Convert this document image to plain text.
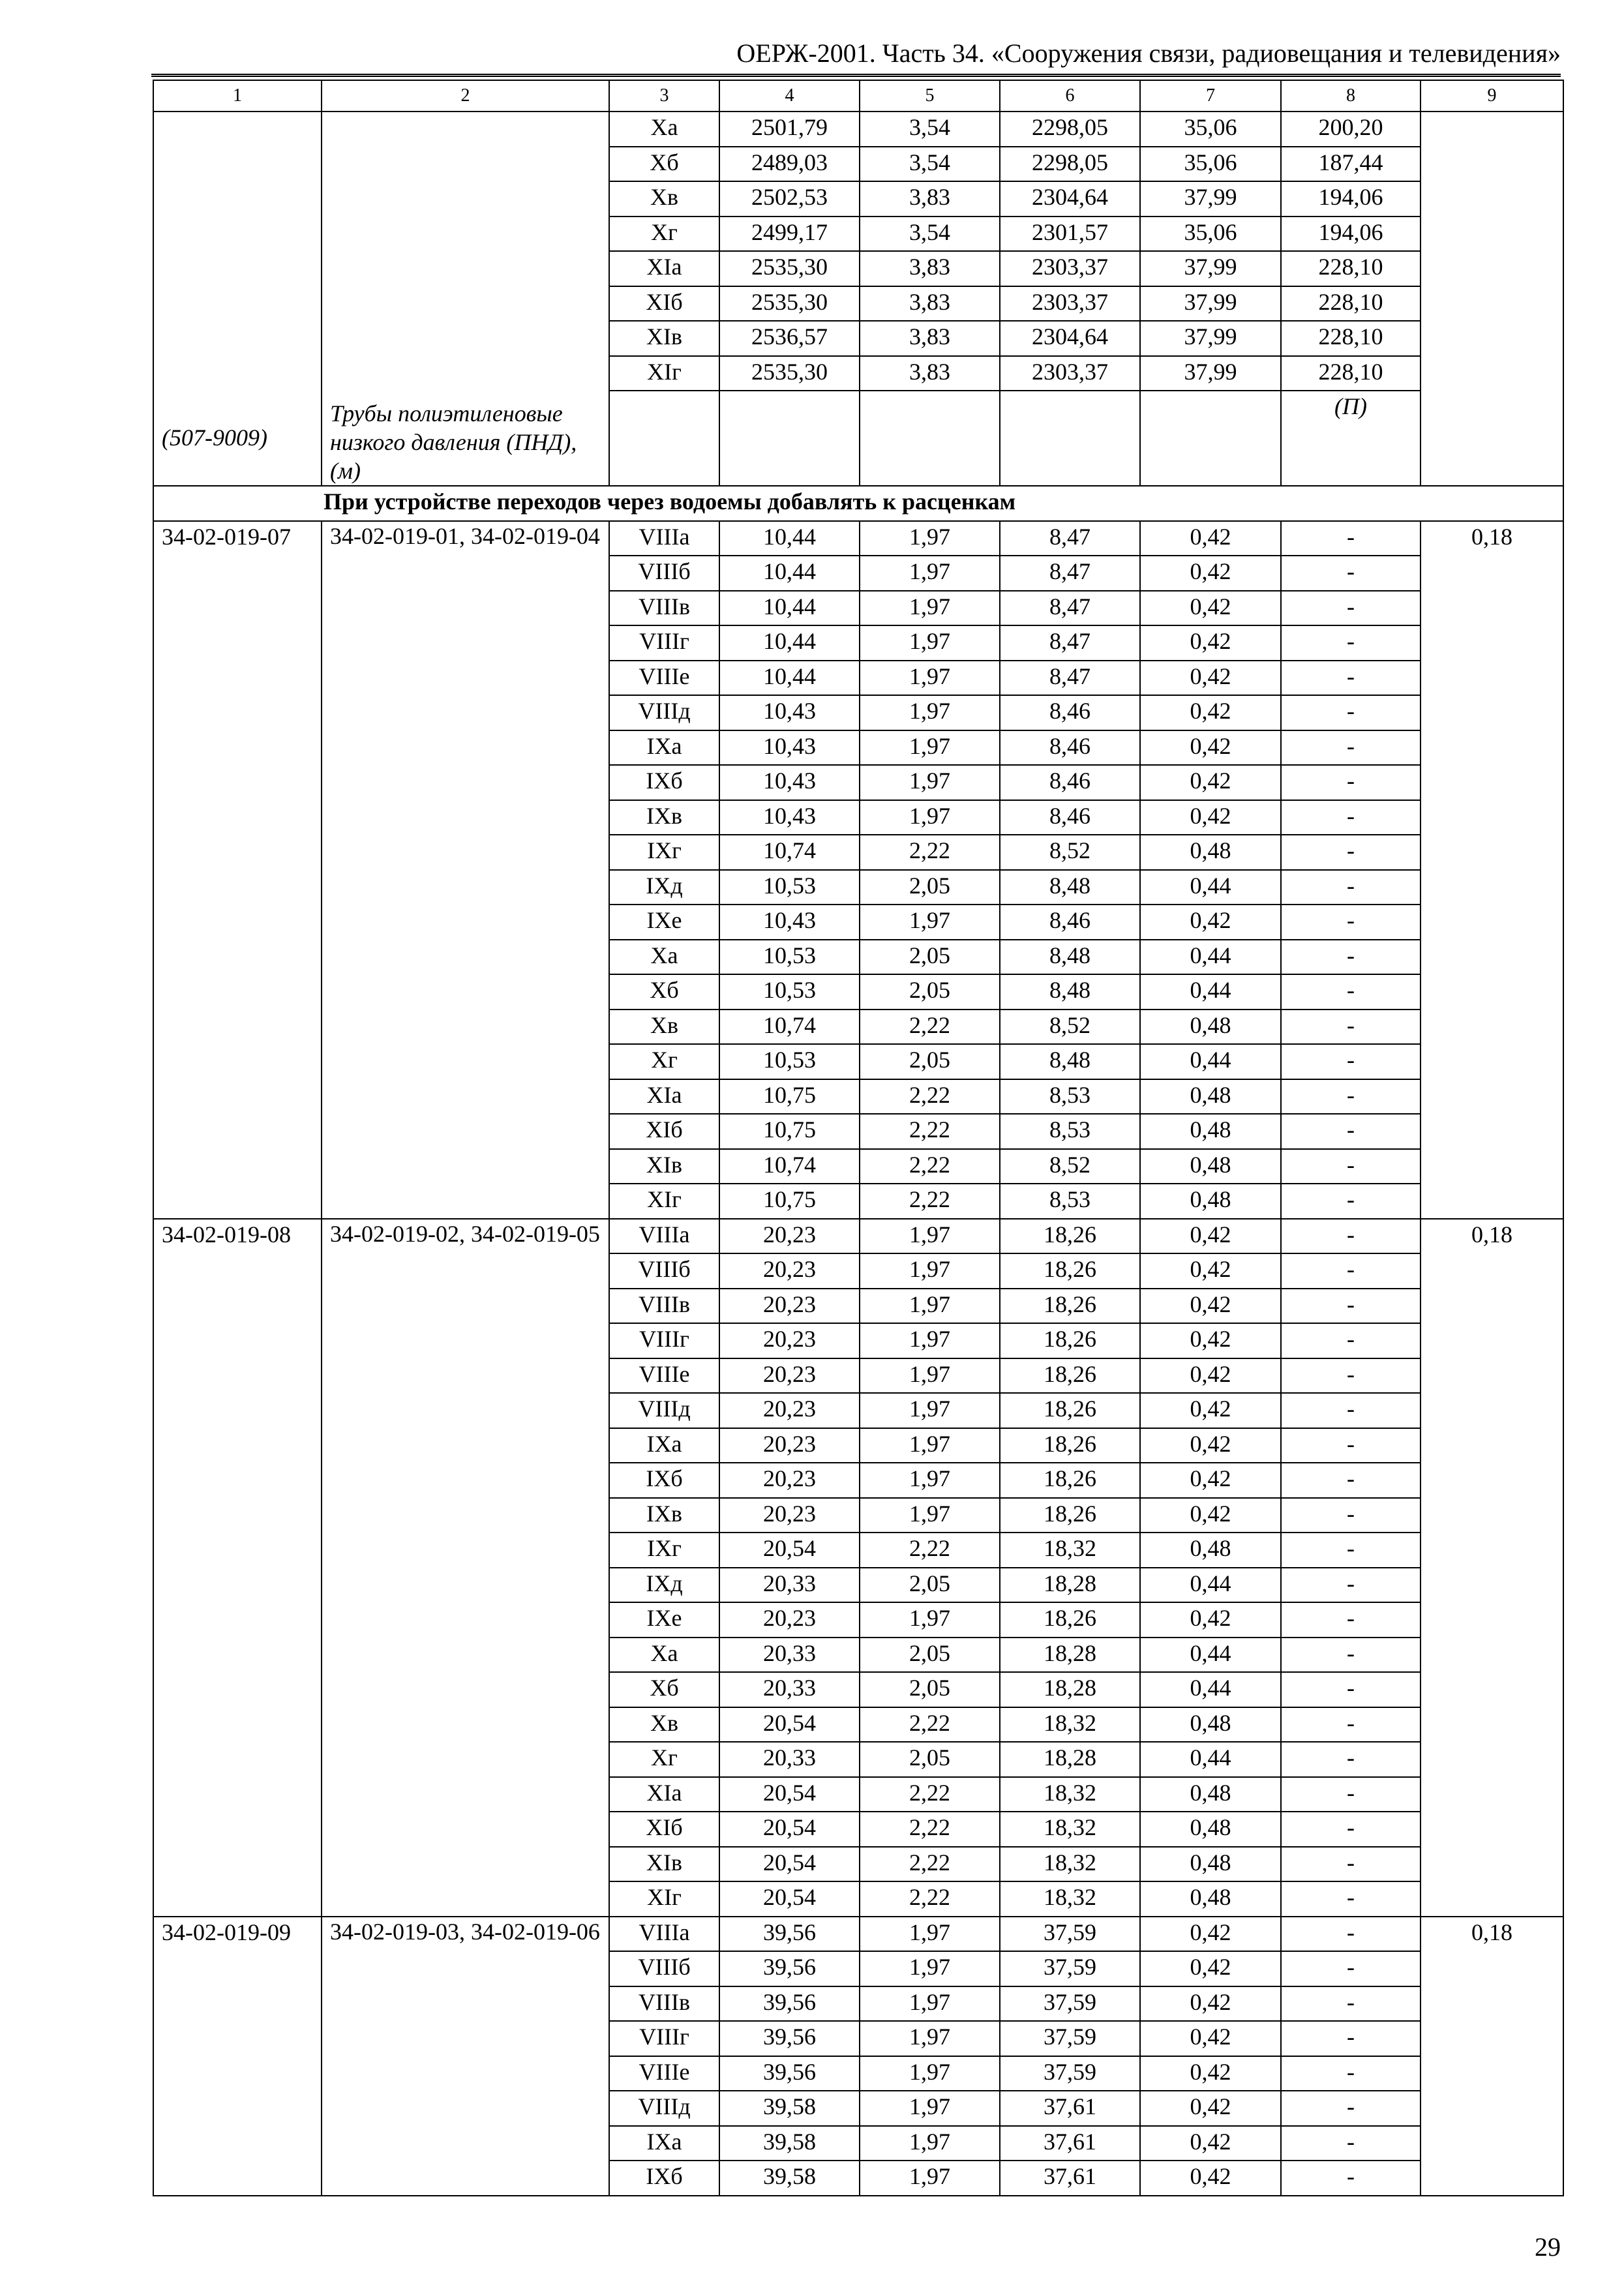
ОЕРЖ-2001. Часть 34. «Сооружения связи, радиовещания и телевидения»
1	2	3	4	5	6	7	8	9

(507-9009)	Трубы полиэтиленовые низкого давления (ПНД), (м)	Xа	2501,79	3,54	2298,05	35,06	200,20	
		Xб	2489,03	3,54	2298,05	35,06	187,44	
		Xв	2502,53	3,83	2304,64	37,99	194,06	
		Xг	2499,17	3,54	2301,57	35,06	194,06	
		XIа	2535,30	3,83	2303,37	37,99	228,10	
		XIб	2535,30	3,83	2303,37	37,99	228,10	
		XIв	2536,57	3,83	2304,64	37,99	228,10	
		XIг	2535,30	3,83	2303,37	37,99	228,10	

							(П)	

При устройстве переходов через водоемы добавлять к расценкам								
34-02-019-07	34-02-019-01, 34-02-019-04	VIIIа	10,44	1,97	8,47	0,42	-	0,18
		VIIIб	10,44	1,97	8,47	0,42	-	
		VIIIв	10,44	1,97	8,47	0,42	-	
		VIIIг	10,44	1,97	8,47	0,42	-	
		VIIIе	10,44	1,97	8,47	0,42	-	
		VIIIд	10,43	1,97	8,46	0,42	-	
		IXа	10,43	1,97	8,46	0,42	-	
		IXб	10,43	1,97	8,46	0,42	-	
		IXв	10,43	1,97	8,46	0,42	-	
		IXг	10,74	2,22	8,52	0,48	-	
		IXд	10,53	2,05	8,48	0,44	-	
		IXе	10,43	1,97	8,46	0,42	-	
		Xа	10,53	2,05	8,48	0,44	-	
		Xб	10,53	2,05	8,48	0,44	-	
		Xв	10,74	2,22	8,52	0,48	-	
		Xг	10,53	2,05	8,48	0,44	-	
		XIа	10,75	2,22	8,53	0,48	-	
		XIб	10,75	2,22	8,53	0,48	-	
		XIв	10,74	2,22	8,52	0,48	-	
		XIг	10,75	2,22	8,53	0,48	-	
34-02-019-08	34-02-019-02, 34-02-019-05	VIIIа	20,23	1,97	18,26	0,42	-	0,18
		VIIIб	20,23	1,97	18,26	0,42	-	
		VIIIв	20,23	1,97	18,26	0,42	-	
		VIIIг	20,23	1,97	18,26	0,42	-	
		VIIIе	20,23	1,97	18,26	0,42	-	
		VIIIд	20,23	1,97	18,26	0,42	-	
		IXа	20,23	1,97	18,26	0,42	-	
		IXб	20,23	1,97	18,26	0,42	-	
		IXв	20,23	1,97	18,26	0,42	-	
		IXг	20,54	2,22	18,32	0,48	-	
		IXд	20,33	2,05	18,28	0,44	-	
		IXе	20,23	1,97	18,26	0,42	-	
		Xа	20,33	2,05	18,28	0,44	-	
		Xб	20,33	2,05	18,28	0,44	-	
		Xв	20,54	2,22	18,32	0,48	-	
		Xг	20,33	2,05	18,28	0,44	-	
		XIа	20,54	2,22	18,32	0,48	-	
		XIб	20,54	2,22	18,32	0,48	-	
		XIв	20,54	2,22	18,32	0,48	-	
		XIг	20,54	2,22	18,32	0,48	-	
34-02-019-09	34-02-019-03, 34-02-019-06	VIIIа	39,56	1,97	37,59	0,42	-	0,18
		VIIIб	39,56	1,97	37,59	0,42	-	
		VIIIв	39,56	1,97	37,59	0,42	-	
		VIIIг	39,56	1,97	37,59	0,42	-	
		VIIIе	39,56	1,97	37,59	0,42	-	
		VIIIд	39,58	1,97	37,61	0,42	-	
		IXа	39,58	1,97	37,61	0,42	-	
		IXб	39,58	1,97	37,61	0,42	-	
29
